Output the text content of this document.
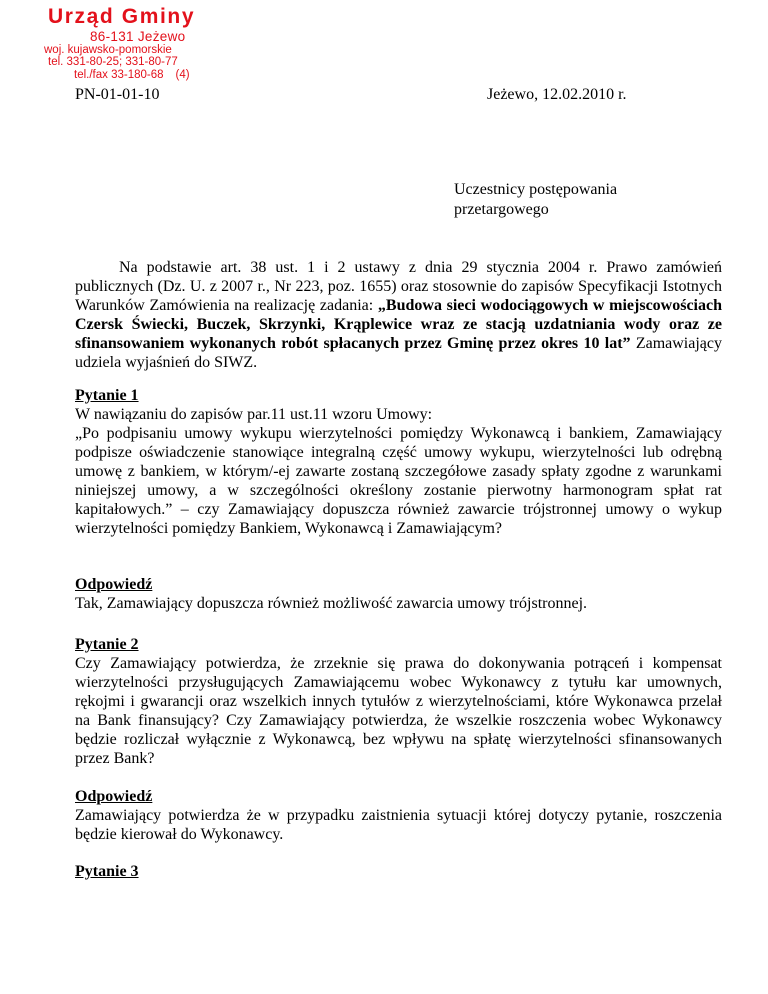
Urząd Gminy
86-131 Jeżewo
woj. kujawsko-pomorskie
tel. 331-80-25; 331-80-77
tel./fax 33-180-68 (4)
PN-01-01-10	Jeżewo, 12.02.2010 r.
Uczestnicy postępowania
przetargowego
Na podstawie art. 38 ust. 1 i 2 ustawy z dnia 29 stycznia 2004 r. Prawo zamówień publicznych (Dz. U. z 2007 r., Nr 223, poz. 1655) oraz stosownie do zapisów Specyfikacji Istotnych Warunków Zamówienia na realizację zadania: „Budowa sieci wodociągowych w miejscowościach Czersk Świecki, Buczek, Skrzynki, Krąplewice wraz ze stacją uzdatniania wody oraz ze sfinansowaniem wykonanych robót spłacanych przez Gminę przez okres 10 lat” Zamawiający udziela wyjaśnień do SIWZ.
Pytanie 1
W nawiązaniu do zapisów par.11 ust.11 wzoru Umowy:

„Po podpisaniu umowy wykupu wierzytelności pomiędzy Wykonawcą i bankiem, Zamawiający podpisze oświadczenie stanowiące integralną część umowy wykupu, wierzytelności lub odrębną umowę z bankiem, w którym/-ej zawarte zostaną szczegółowe zasady spłaty zgodne z warunkami niniejszej umowy, a w szczególności określony zostanie pierwotny harmonogram spłat rat kapitałowych.” – czy Zamawiający dopuszcza również zawarcie trójstronnej umowy o wykup wierzytelności pomiędzy Bankiem, Wykonawcą i Zamawiającym?

Odpowiedź

Tak, Zamawiający dopuszcza również możliwość zawarcia umowy trójstronnej.

Pytanie 2

Czy Zamawiający potwierdza, że zrzeknie się prawa do dokonywania potrąceń i kompensat wierzytelności przysługujących Zamawiającemu wobec Wykonawcy z tytułu kar umownych, rękojmi i gwarancji oraz wszelkich innych tytułów z wierzytelnościami, które Wykonawca przelał na Bank finansujący? Czy Zamawiający potwierdza, że wszelkie roszczenia wobec Wykonawcy będzie rozliczał wyłącznie z Wykonawcą, bez wpływu na spłatę wierzytelności sfinansowanych przez Bank?

Odpowiedź

Zamawiający potwierdza że w przypadku zaistnienia sytuacji której dotyczy pytanie, roszczenia będzie kierował do Wykonawcy.

Pytanie 3
